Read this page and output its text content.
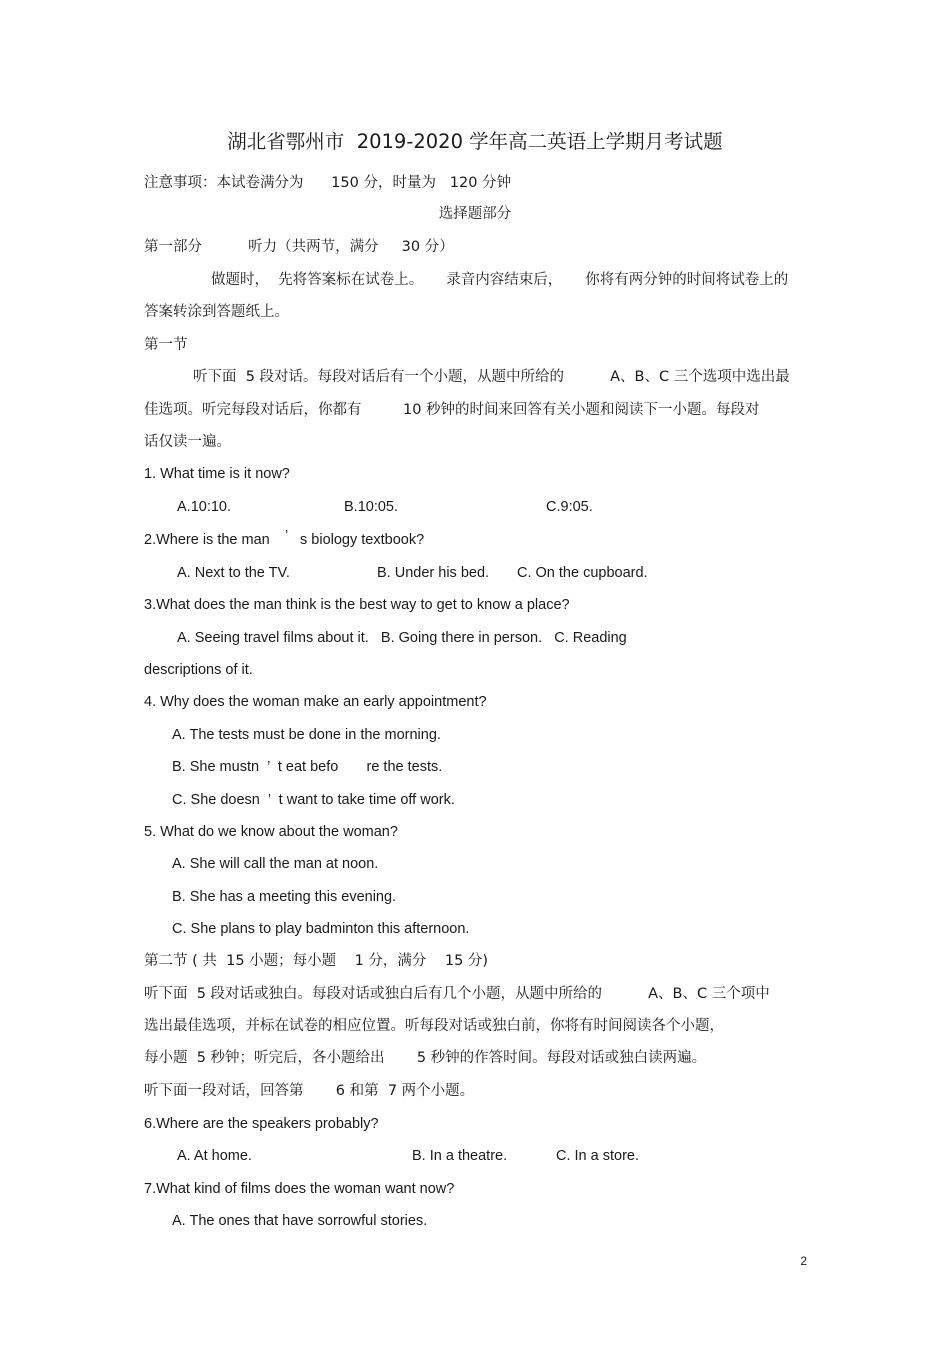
湖北省鄂州市  2019-2020 学年高二英语上学期月考试题
注意事项：本试卷满分为      150 分，时量为   120 分钟
选择题部分
第一部分          听力（共两节，满分     30 分）
做题时，  先将答案标在试卷上。     录音内容结束后，     你将有两分钟的时间将试卷上的
答案转涂到答题纸上。
第一节
听下面  5 段对话。每段对话后有一个小题，从题中所给的          A、B、C 三个选项中选出最
佳选项。听完每段对话后，你都有         10 秒钟的时间来回答有关小题和阅读下一小题。每段对
话仅读一遍。
1. What time is it now?
A.10:10.	B.10:05.	C.9:05.
2.Where is the man ’ s biology textbook?
A. Next to the TV.	B. Under his bed. C. On the cupboard.
3.What does the man think is the best way to get to know a place?
A. Seeing travel films about it.   B. Going there in person.   C. Reading
descriptions of it.
4. Why does the woman make an early appointment?
A. The tests must be done in the morning.
B. She mustn  ’  t eat befo       re the tests.
C. She doesn  ’  t want to take time off work.
5. What do we know about the woman?
A. She will call the man at noon.
B. She has a meeting this evening.
C. She plans to play badminton this afternoon.
第二节 ( 共  15 小题；每小题    1 分，满分    15 分)
听下面  5 段对话或独白。每段对话或独白后有几个小题，从题中所给的          A、B、C 三个项中
选出最佳选项，并标在试卷的相应位置。听每段对话或独白前，你将有时间阅读各个小题，
每小题  5 秒钟；听完后，各小题给出       5 秒钟的作答时间。每段对话或独白读两遍。
听下面一段对话，回答第       6 和第  7 两个小题。
6.Where are the speakers probably?
A. At home.	B. In a theatre.	C. In a store.
7.What kind of films does the woman want now?
A. The ones that have sorrowful stories.
2
